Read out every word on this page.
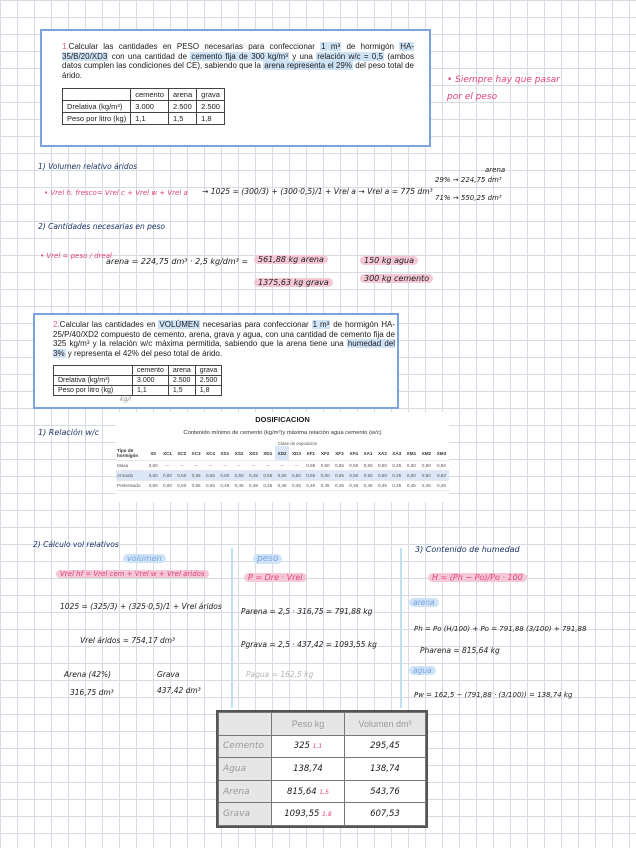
1.Calcular las cantidades en PESO necesarias para confeccionar 1 m³ de hormigón HA-35/B/20/XD3 con una cantidad de cemento fija de 300 kg/m³ y una relación w/c = 0,5 (ambos datos cumplen las condiciones del CE), sabiendo que la arena representa el 29% del peso total de árido.
	cemento	arena	grava
Drelativa (kg/m³)	3.000	2.500	2.500
Peso por litro (kg)	1,1	1,5	1,8
• Siempre hay que pasar por el peso
1) Volumen relativo áridos
• Vrel h. fresco= Vrel c + Vrel w + Vrel a → 1025 = (300/3) + (300·0,5)/1 + Vrel a → Vrel a = 775 dm³
arena
29% → 224,75 dm³
71% → 550,25 dm³
2) Cantidades necesarias en peso
• Vrel = peso / dreal
arena = 224,75 dm³ · 2,5 kg/dm³ =	561,88 kg arena
1375,63 kg grava
150 kg agua
300 kg cemento
2.Calcular las cantidades en VOLÚMEN necesarias para confeccionar 1 m³ de hormigón HA-25/P/40/XD2 compuesto de cemento, arena, grava y agua, con una cantidad de cemento fija de 325 kg/m³ y la relación w/c máxima permitida, sabiendo que la arena tiene una humedad del 3% y representa el 42% del peso total de árido.
	cemento	arena	grava
Drelativa (kg/m³)	3.000	2.500	2.500
Peso por litro (kg)	1,1	1,5	1,8
kg/l
DOSIFICACION
Contenido mínimo de cemento (kg/m³)y máxima relación agua cemento (w/c)
Clase de exposición
Tipo de hormigón	X0	XC1	XC2	XC3	XC4	XS1	XS2	XS3	XD1	XD2	XD3	XF1	XF2	XF3	XF4	XA1	XA2	XA3	XM1	XM2	XM3
Masa	0,60	–	–	–	–	–	–	–	–	–	–	0,55	0,50	0,55	0,50	0,50	0,50	0,45	0,50	0,50	0,50
Armado	0,60	0,60	0,60	0,55	0,55	0,50	0,50	0,45	0,55	0,50	0,50	0,55	0,50	0,55	0,50	0,50	0,50	0,45	0,50	0,50	0,50
Pretensado	0,60	0,60	0,60	0,55	0,55	0,45	0,45	0,45	0,45	0,45	0,45	0,45	0,45	0,45	0,45	0,45	0,45	0,45	0,45	0,45	0,45
1) Relación w/c
2) Cálculo vol relativos
volumen
Vrel hf = Vrel cem + Vrel w + Vrel áridos
1025 = (325/3) + (325·0,5)/1 + Vrel áridos
Vrel áridos = 754,17 dm³
Arena (42%)
316,75 dm³
Grava
437,42 dm³
peso
P = Dre · Vrel
Parena = 2,5 · 316,75 = 791,88 kg
Pgrava = 2,5 · 437,42 = 1093,55 kg
Pagua = 162,5 kg
3) Contenido de humedad
H = (Ph − Po)/Po · 100
arena
Ph = Po (H/100) + Po = 791,88 (3/100) + 791,88
Pharena = 815,64 kg
agua
Pw = 162,5 − (791,88 · (3/100)) = 138,74 kg
	Peso kg	Volumen dm³
Cemento	325 1,1	295,45
Agua	138,74	138,74
Arena	815,64 1,5	543,76
Grava	1093,55 1,8	607,53
